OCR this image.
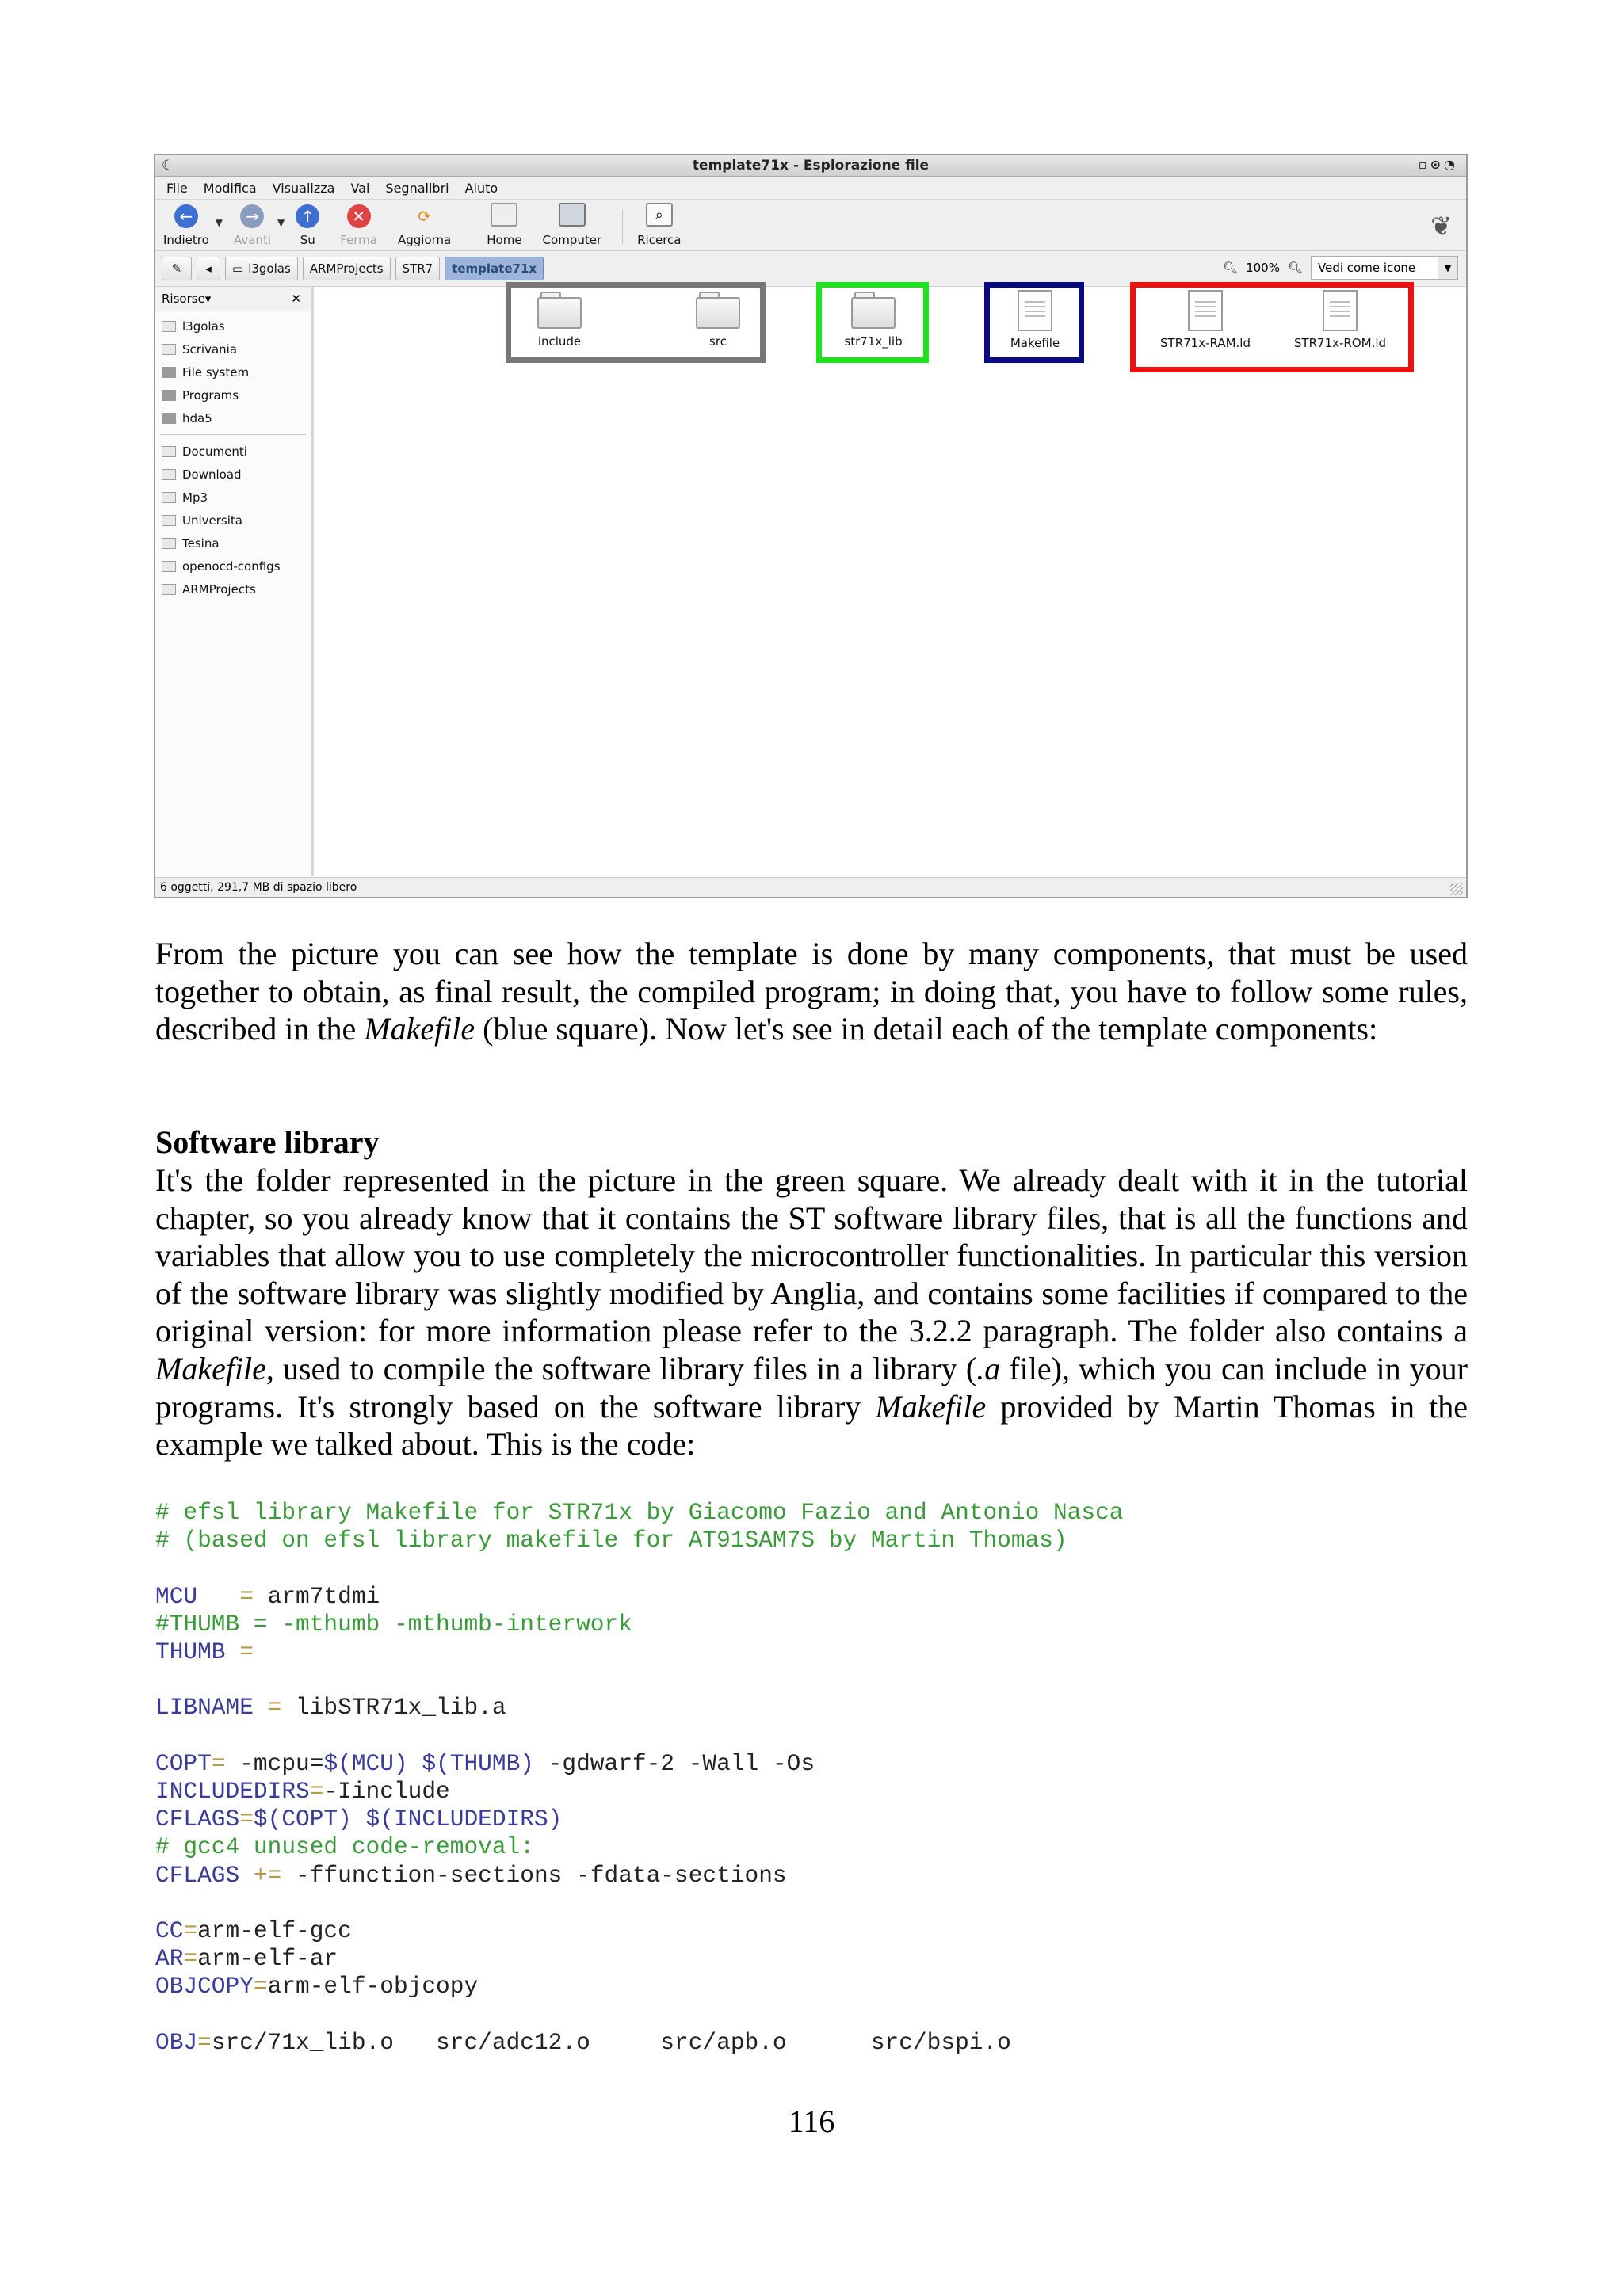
☾	template71x - Esplorazione file	▫⊙◔
File Modifica Visualizza Vai Segnalibri Aiuto
←
Indietro
▼	→
Avanti
▼	↑
Su
✕
Ferma
⟳
Aggiorna	Home Computer
⌕
Ricerca	❦
✎ ◂ ▭ l3golas	ARMProjects	STR7	template71x	🔍︎ 100% 🔍︎ Vedi come icone	▼
Risorse▾	✕
l3golas
Scrivania
File system
Programs
hda5
Documenti
Download
Mp3
Universita
Tesina
openocd-configs
ARMProjects
include	src	str71x_lib	Makefile	STR71x-RAM.ld	STR71x-ROM.ld
6 oggetti, 291,7 MB di spazio libero
From the picture you can see how the template is done by many components, that must be used together to obtain, as final result, the compiled program; in doing that, you have to follow some rules, described in the Makefile (blue square). Now let's see in detail each of the template components:
Software library
It's the folder represented in the picture in the green square. We already dealt with it in the tutorial chapter, so you already know that it contains the ST software library files, that is all the functions and variables that allow you to use completely the microcontroller functionalities. In particular this version of the software library was slightly modified by Anglia, and contains some facilities if compared to the original version: for more information please refer to the 3.2.2 paragraph. The folder also contains a Makefile, used to compile the software library files in a library (.a file), which you can include in your programs. It's strongly based on the software library Makefile provided by Martin Thomas in the example we talked about. This is the code:
# efsl library Makefile for STR71x by Giacomo Fazio and Antonio Nasca
# (based on efsl library makefile for AT91SAM7S by Martin Thomas)

MCU   = arm7tdmi
#THUMB = -mthumb -mthumb-interwork
THUMB =

LIBNAME = libSTR71x_lib.a

COPT= -mcpu=$(MCU) $(THUMB) -gdwarf-2 -Wall -Os
INCLUDEDIRS=-Iinclude
CFLAGS=$(COPT) $(INCLUDEDIRS)
# gcc4 unused code-removal:
CFLAGS += -ffunction-sections -fdata-sections

CC=arm-elf-gcc
AR=arm-elf-ar
OBJCOPY=arm-elf-objcopy

OBJ=src/71x_lib.o   src/adc12.o     src/apb.o      src/bspi.o
116
